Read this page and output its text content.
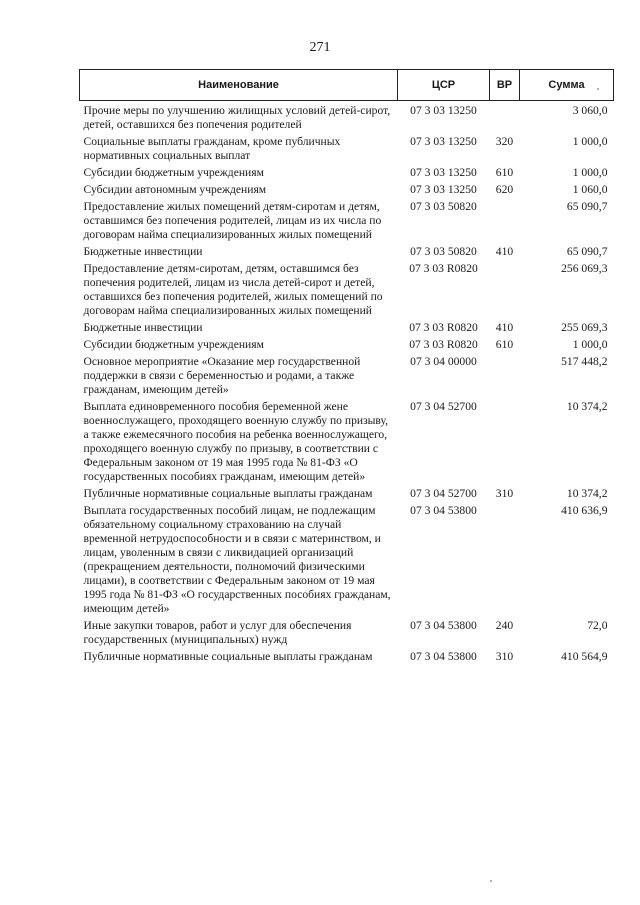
271
Наименование	ЦСР	ВР	Сумма

Прочие меры по улучшению жилищных условий детей-сирот, детей, оставшихся без попечения родителей	07 3 03 13250		3 060,0
Социальные выплаты гражданам, кроме публичных нормативных социальных выплат	07 3 03 13250	320	1 000,0
Субсидии бюджетным учреждениям	07 3 03 13250	610	1 000,0
Субсидии автономным учреждениям	07 3 03 13250	620	1 060,0
Предоставление жилых помещений детям-сиротам и детям, оставшимся без попечения родителей, лицам из их числа по договорам найма специализированных жилых помещений	07 3 03 50820		65 090,7
Бюджетные инвестиции	07 3 03 50820	410	65 090,7
Предоставление детям-сиротам, детям, оставшимся без попечения родителей, лицам из числа детей-сирот и детей, оставшихся без попечения родителей, жилых помещений по договорам найма специализированных жилых помещений	07 3 03 R0820		256 069,3
Бюджетные инвестиции	07 3 03 R0820	410	255 069,3
Субсидии бюджетным учреждениям	07 3 03 R0820	610	1 000,0
Основное мероприятие «Оказание мер государственной поддержки в связи с беременностью и родами, а также гражданам, имеющим детей»	07 3 04 00000		517 448,2
Выплата единовременного пособия беременной жене военнослужащего, проходящего военную службу по призыву, а также ежемесячного пособия на ребенка военнослужащего, проходящего военную службу по призыву, в соответствии с Федеральным законом от 19 мая 1995 года № 81-ФЗ «О государственных пособиях гражданам, имеющим детей»	07 3 04 52700		10 374,2
Публичные нормативные социальные выплаты гражданам	07 3 04 52700	310	10 374,2
Выплата государственных пособий лицам, не подлежащим обязательному социальному страхованию на случай временной нетрудоспособности и в связи с материнством, и лицам, уволенным в связи с ликвидацией организаций (прекращением деятельности, полномочий физическими лицами), в соответствии с Федеральным законом от 19 мая 1995 года № 81-ФЗ «О государственных пособиях гражданам, имеющим детей»	07 3 04 53800		410 636,9
Иные закупки товаров, работ и услуг для обеспечения государственных (муниципальных) нужд	07 3 04 53800	240	72,0
Публичные нормативные социальные выплаты гражданам	07 3 04 53800	310	410 564,9
